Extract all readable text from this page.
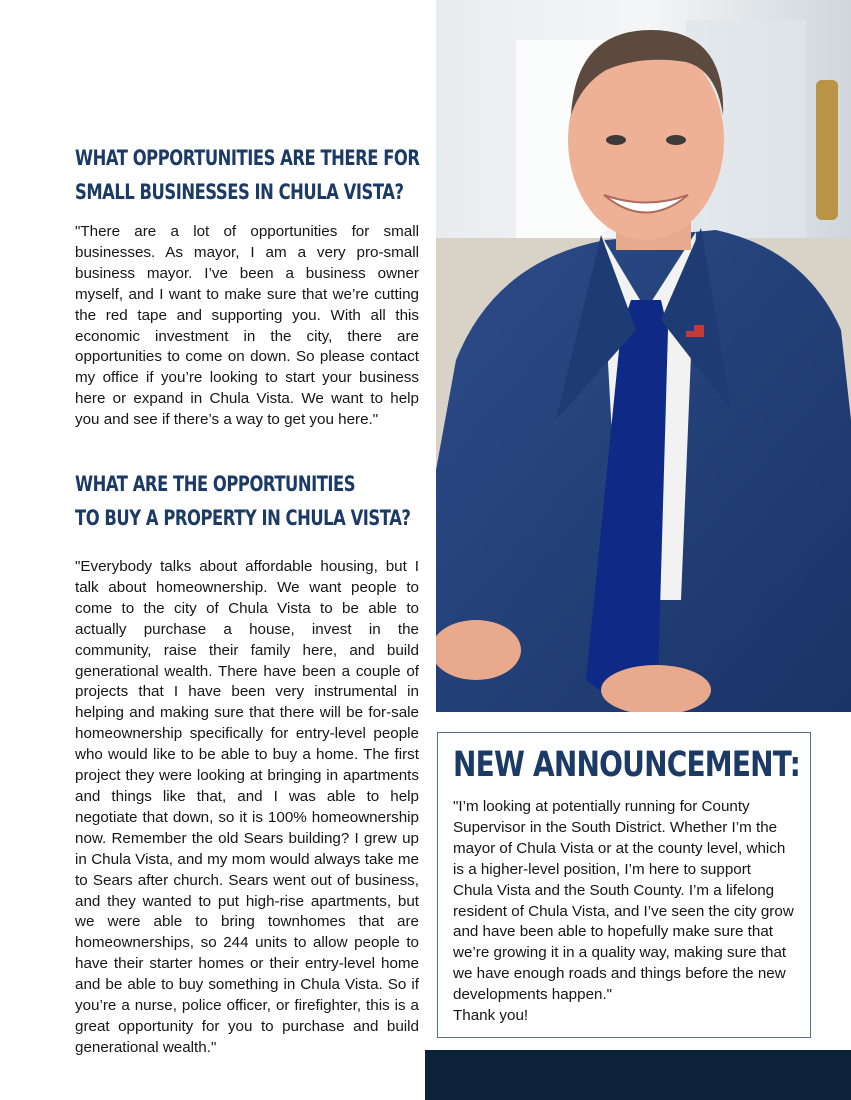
WHAT OPPORTUNITIES ARE THERE FOR
SMALL BUSINESSES IN CHULA VISTA?

"There are a lot of opportunities for small businesses. As mayor, I am a very pro-small business mayor. I’ve been a business owner myself, and I want to make sure that we’re cutting the red tape and supporting you. With all this economic investment in the city, there are opportunities to come on down. So please contact my office if you’re looking to start your business here or expand in Chula Vista. We want to help you and see if there’s a way to get you here."

WHAT ARE THE OPPORTUNITIES
TO BUY A PROPERTY IN CHULA VISTA?

"Everybody talks about affordable housing, but I talk about homeownership. We want people to come to the city of Chula Vista to be able to actually purchase a house, invest in the community, raise their family here, and build generational wealth. There have been a couple of projects that I have been very instrumental in helping and making sure that there will be for-sale homeownership specifically for entry-level people who would like to be able to buy a home. The first project they were looking at bringing in apartments and things like that, and I was able to help negotiate that down, so it is 100% homeownership now. Remember the old Sears building? I grew up in Chula Vista, and my mom would always take me to Sears after church. Sears went out of business, and they wanted to put high-rise apartments, but we were able to bring townhomes that are homeownerships, so 244 units to allow people to have their starter homes or their entry-level home and be able to buy something in Chula Vista. So if you’re a nurse, police officer, or firefighter, this is a great opportunity for you to purchase and build generational wealth."

NEW ANNOUNCEMENT:

"I’m looking at potentially running for County
Supervisor in the South District. Whether I’m the
mayor of Chula Vista or at the county level, which
is a higher-level position, I’m here to support
Chula Vista and the South County. I’m a lifelong
resident of Chula Vista, and I’ve seen the city grow
and have been able to hopefully make sure that
we’re growing it in a quality way, making sure that
we have enough roads and things before the new
developments happen."
Thank you!
